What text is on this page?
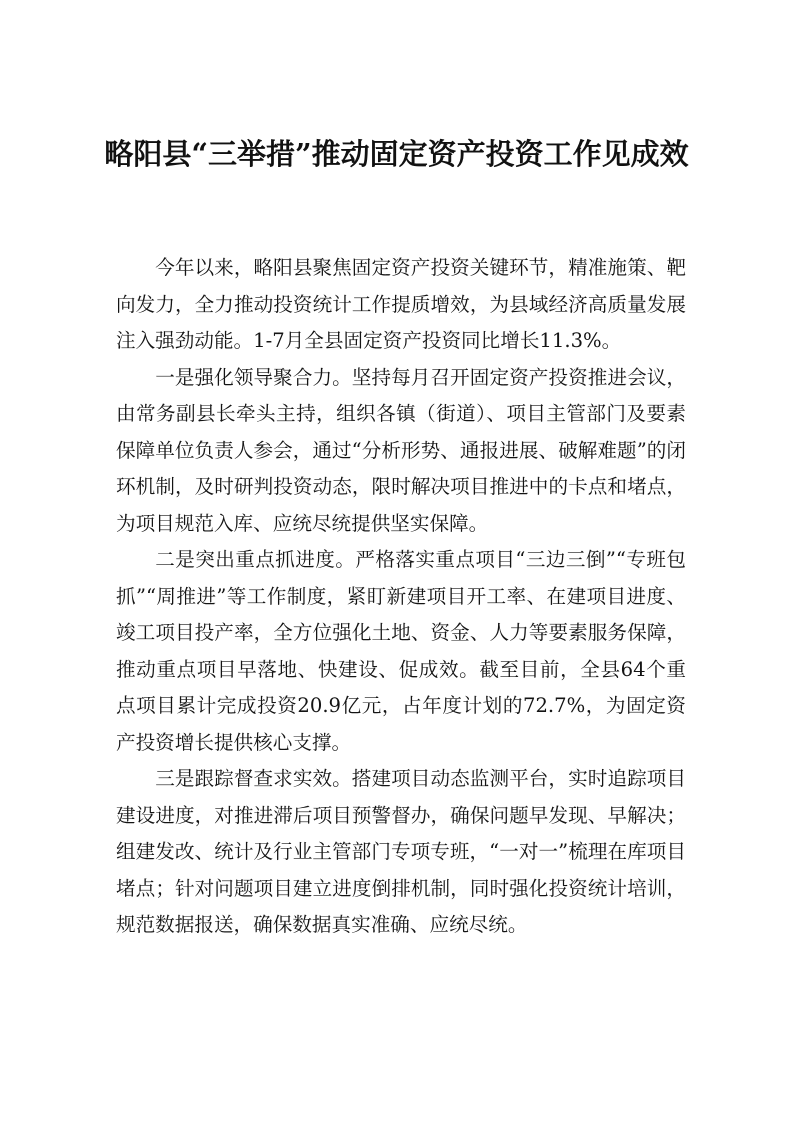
略阳县“三举措”推动固定资产投资工作见成效

今年以来，略阳县聚焦固定资产投资关键环节，精准施策、靶向发力，全力推动投资统计工作提质增效，为县域经济高质量发展注入强劲动能。1-7月全县固定资产投资同比增长11.3%。

一是强化领导聚合力。坚持每月召开固定资产投资推进会议，由常务副县长牵头主持，组织各镇（街道）、项目主管部门及要素保障单位负责人参会，通过“分析形势、通报进展、破解难题”的闭环机制，及时研判投资动态，限时解决项目推进中的卡点和堵点，为项目规范入库、应统尽统提供坚实保障。

二是突出重点抓进度。严格落实重点项目“三边三倒”“专班包抓”“周推进”等工作制度，紧盯新建项目开工率、在建项目进度、竣工项目投产率，全方位强化土地、资金、人力等要素服务保障，推动重点项目早落地、快建设、促成效。截至目前，全县64个重点项目累计完成投资20.9亿元，占年度计划的72.7%，为固定资产投资增长提供核心支撑。

三是跟踪督查求实效。搭建项目动态监测平台，实时追踪项目建设进度，对推进滞后项目预警督办，确保问题早发现、早解决；组建发改、统计及行业主管部门专项专班，“一对一”梳理在库项目堵点；针对问题项目建立进度倒排机制，同时强化投资统计培训，规范数据报送，确保数据真实准确、应统尽统。
